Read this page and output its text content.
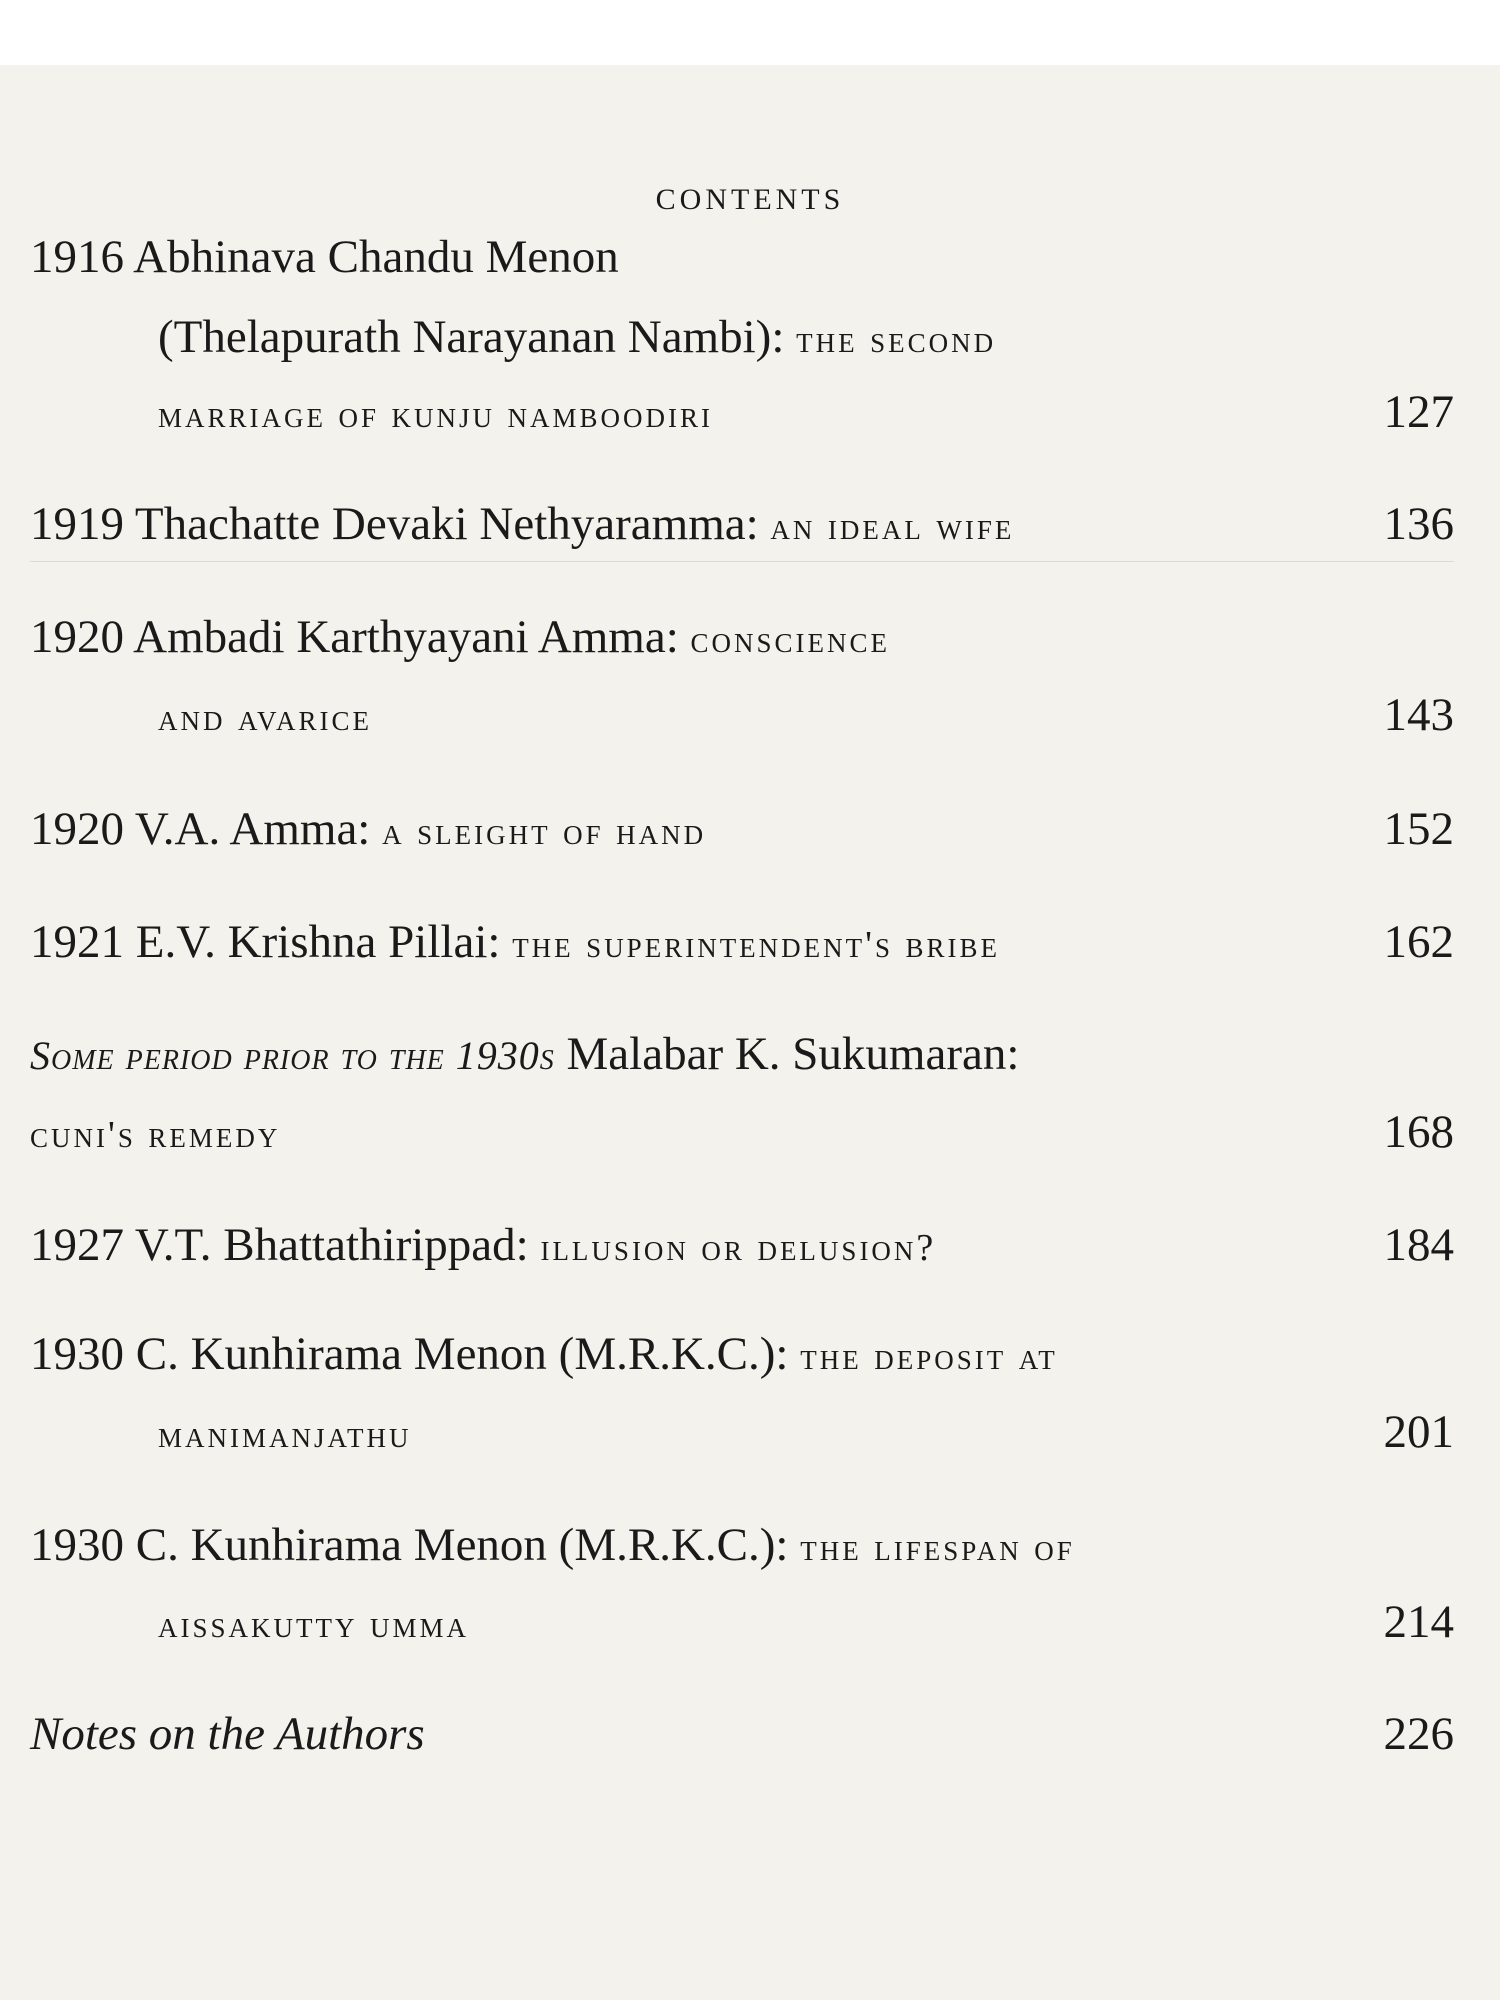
CONTENTS
1916 Abhinava Chandu Menon
(Thelapurath Narayanan Nambi): the second
marriage of kunju namboodiri	127
1919 Thachatte Devaki Nethyaramma: an ideal wife	136
1920 Ambadi Karthyayani Amma: conscience
and avarice	143
1920 V.A. Amma: a sleight of hand	152
1921 E.V. Krishna Pillai: the superintendent's bribe	162
Some period prior to the 1930s Malabar K. Sukumaran:
cuni's remedy	168
1927 V.T. Bhattathirippad: illusion or delusion?	184
1930 C. Kunhirama Menon (M.R.K.C.): the deposit at
manimanjathu	201
1930 C. Kunhirama Menon (M.R.K.C.): the lifespan of
aissakutty umma	214
Notes on the Authors	226
